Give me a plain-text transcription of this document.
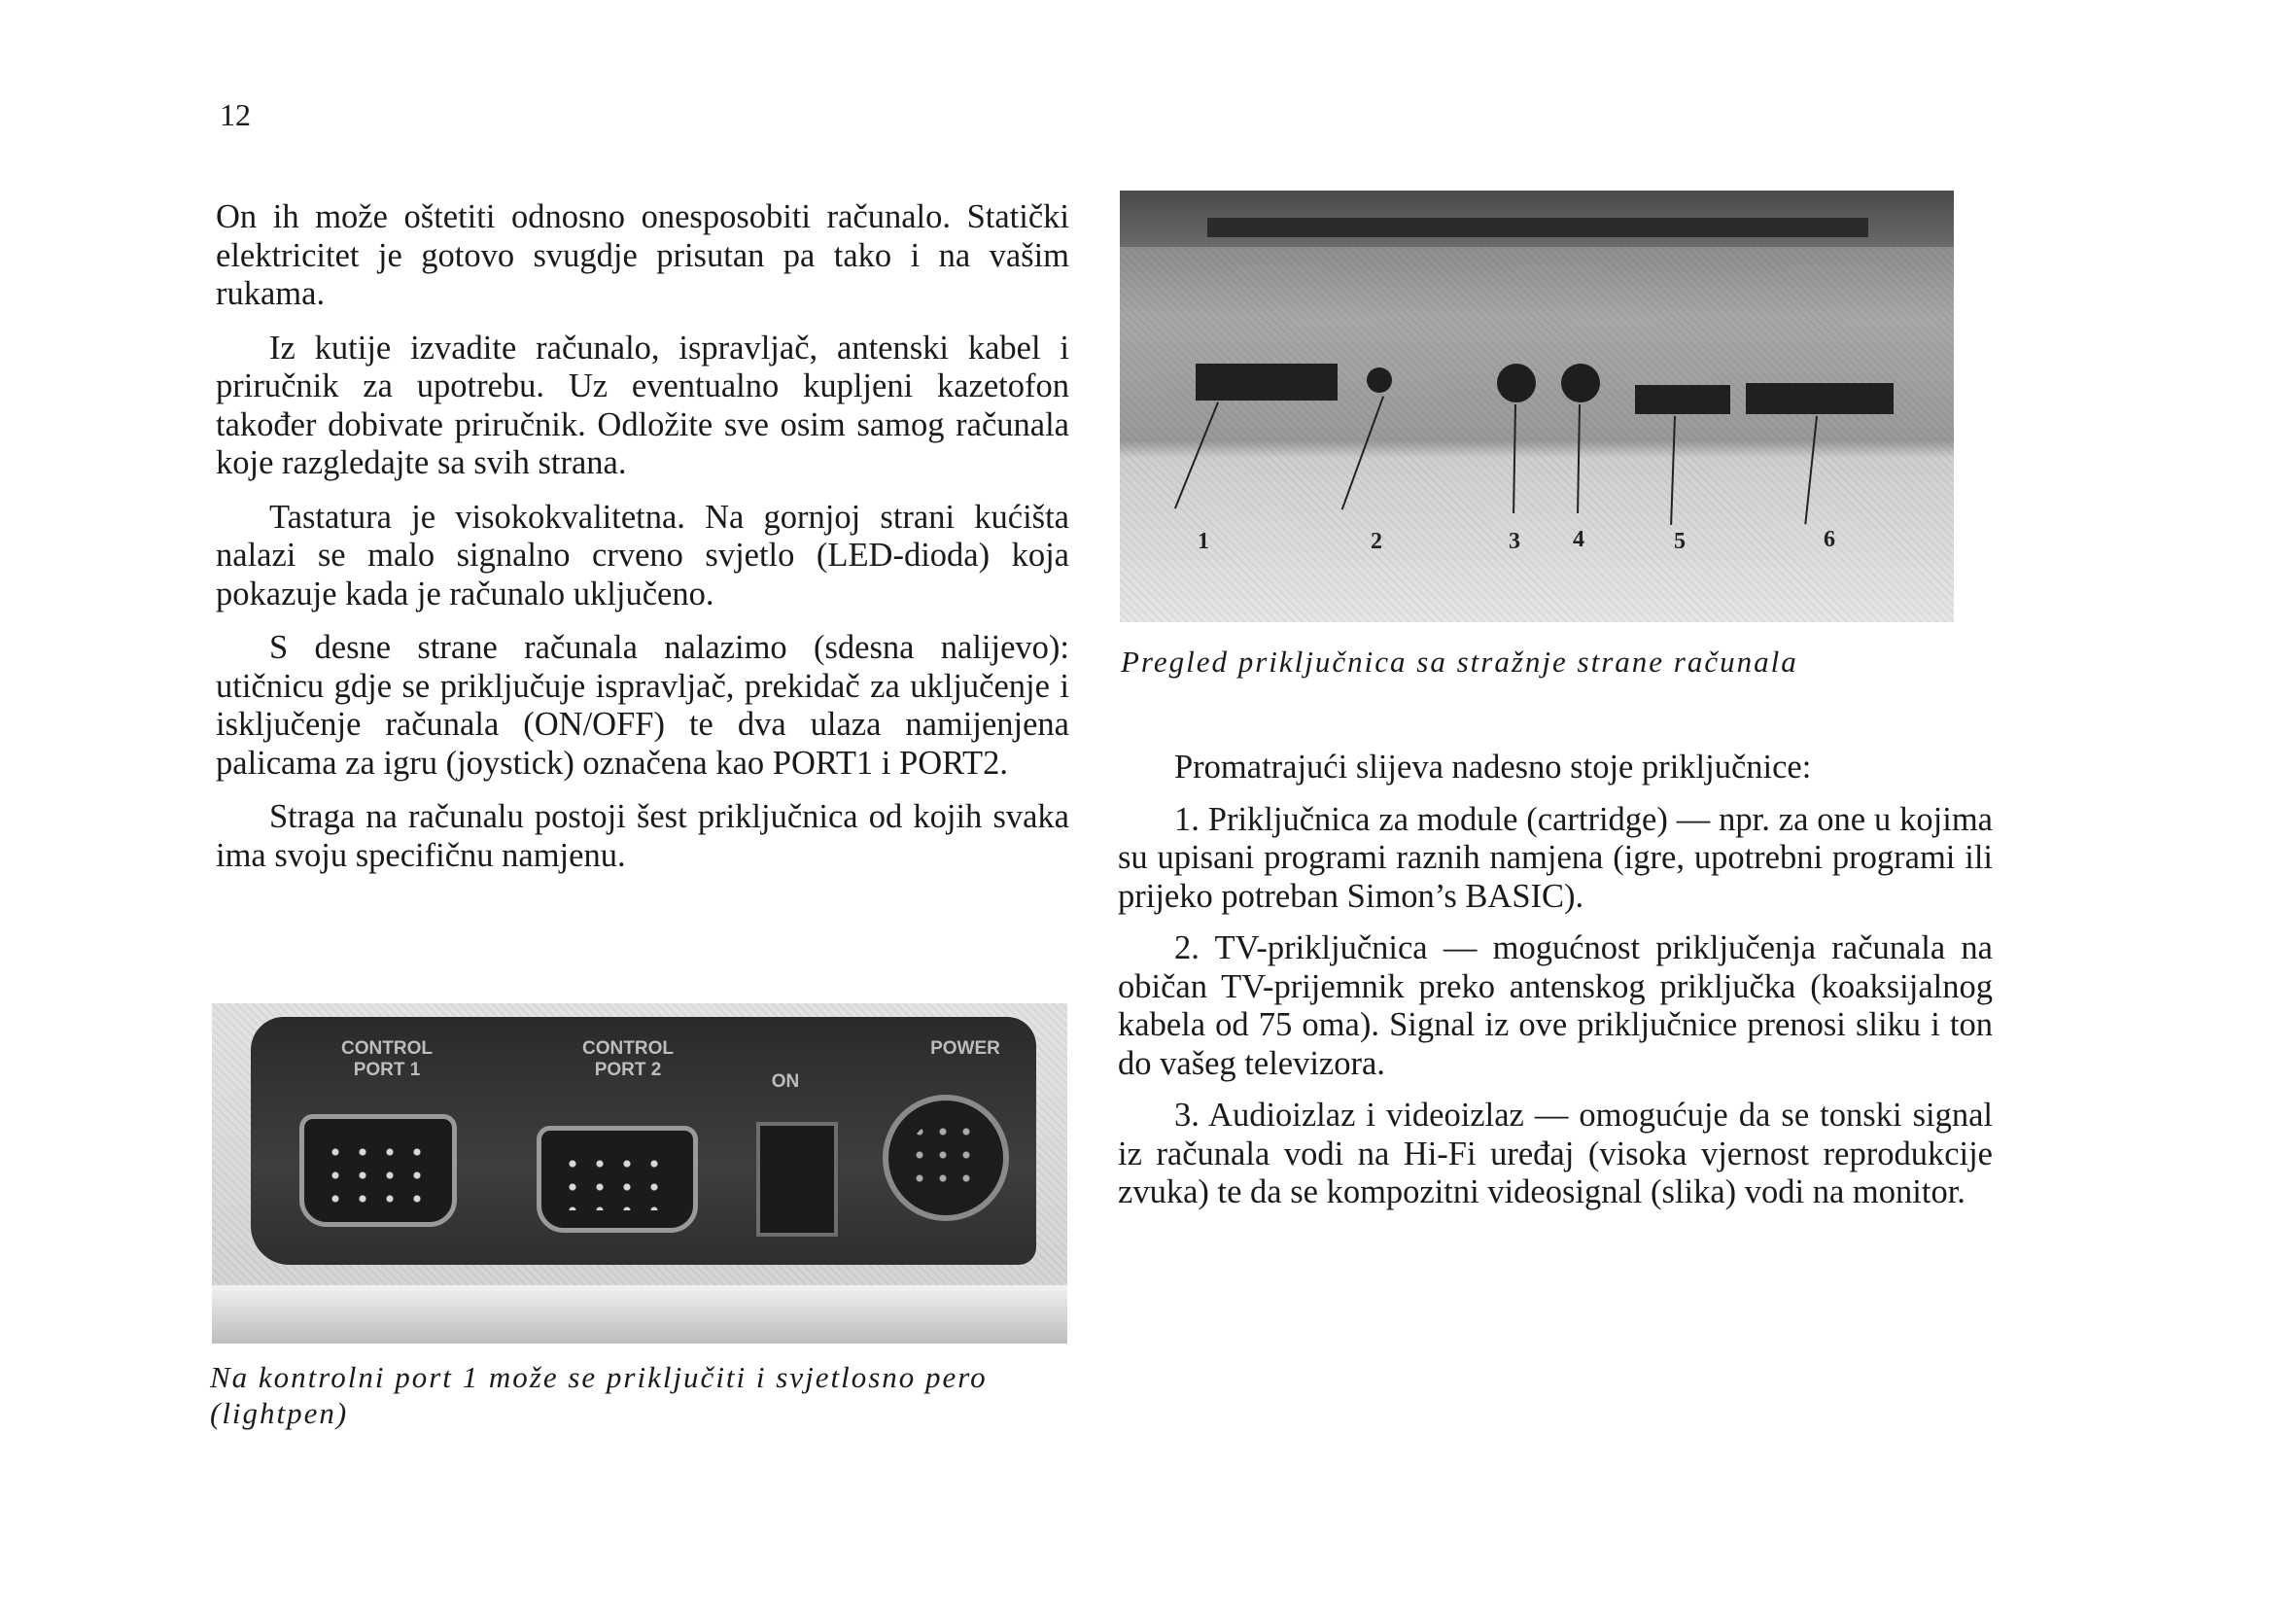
12

On ih može oštetiti odnosno onesposobiti računalo. Statički elektricitet je gotovo svugdje prisutan pa tako i na vašim rukama.

Iz kutije izvadite računalo, ispravljač, antenski kabel i priručnik za upotrebu. Uz eventualno kupljeni kazetofon također dobivate priručnik. Odložite sve osim samog računala koje razgledajte sa svih strana.

Tastatura je visokokvalitetna. Na gornjoj strani kućišta nalazi se malo signalno crveno svjetlo (LED-dioda) koja pokazuje kada je računalo uključeno.

S desne strane računala nalazimo (sdesna nalijevo): utičnicu gdje se priključuje ispravljač, prekidač za uključenje i isključenje računala (ON/OFF) te dva ulaza namijenjena palicama za igru (joystick) označena kao PORT1 i PORT2.

Straga na računalu postoji šest priključnica od kojih svaka ima svoju specifičnu namjenu.

CONTROL PORT 1
CONTROL PORT 2
ON
POWER
Na kontrolni port 1 može se priključiti i svjetlosno pero (lightpen)
1	2	3 4	5	6
Pregled priključnica sa stražnje strane računala

Promatrajući slijeva nadesno stoje priključnice:

1. Priključnica za module (cartridge) — npr. za one u kojima su upisani programi raznih namjena (igre, upotrebni programi ili prijeko potreban Simon’s BASIC).

2. TV-priključnica — mogućnost priključenja računala na običan TV-prijemnik preko antenskog priključka (koaksijalnog kabela od 75 oma). Signal iz ove priključnice prenosi sliku i ton do vašeg televizora.

3. Audioizlaz i videoizlaz — omogućuje da se tonski signal iz računala vodi na Hi-Fi uređaj (visoka vjernost reprodukcije zvuka) te da se kompozitni videosignal (slika) vodi na monitor.
